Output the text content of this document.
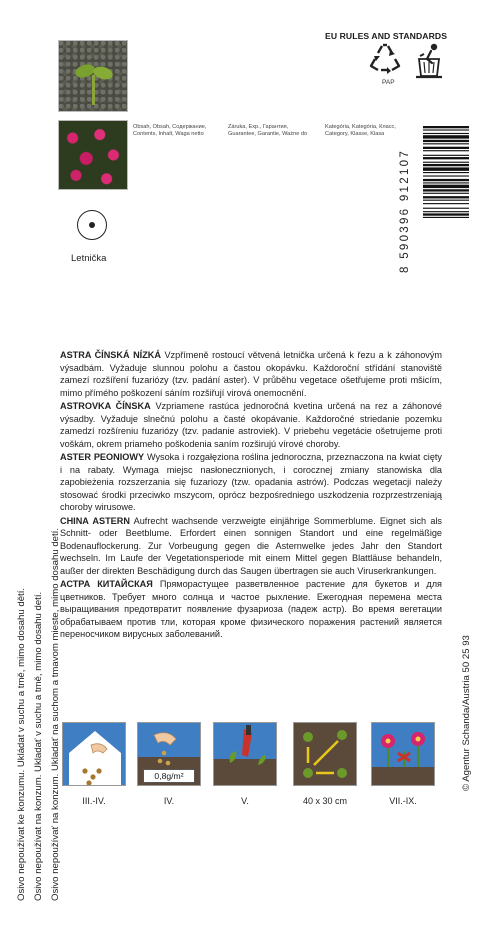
Osivo nepoužívat ke konzumu. Ukládat v suchu a tmě, mimo dosahu dětí. Osivo nepoužívat na konzum. Ukladať v suchu a tmě, mimo dosahu detí. Osivo nepoužívať na konzum. Ukladať na suchom a tmavom mieste, mimo dosahu detí.
Obsah, Obsah, Содержание,
Contents, Inhalt, Waga netto
Záruka, Exp., Гарантия,
Guarantee, Garantie, Ważne do
Kategória, Kategória, Класс,
Category, Klasse, Klasa
EU RULES AND STANDARDS
PAP
8 590396 912107
Letnička

ASTRA ČÍNSKÁ NÍZKÁ Vzpřímeně rostoucí větvená letnička určená k řezu a k záhonovým výsadbám. Vyžaduje slunnou polohu a častou okopávku. Každoroční střídání stanoviště zamezí rozšíření fuzariózy (tzv. padání aster). V průběhu vegetace ošetřujeme proti mšicím, mimo přímého poškození sáním rozšiřují virová onemocnění.

ASTROVKA ČÍNSKA Vzpriamene rastúca jednoročná kvetina určená na rez a záhonové výsadby. Vyžaduje slnečnú polohu a časté okopávanie. Každoročné striedanie pozemku zamedzí rozšíreniu fuzariózy (tzv. padanie astroviek). V priebehu vegetácie ošetrujeme proti voškám, okrem priameho poškodenia saním rozširujú vírové choroby.

ASTER PEONIOWY Wysoka i rozgałęziona roślina jednoroczna, przeznaczona na kwiat cięty i na rabaty. Wymaga miejsc nasłonecznionych, i corocznej zmiany stanowiska dla zapobieżenia rozszerzania się fuzariozy (tzw. opadania astrów). Podczas wegetacji należy stosować środki przeciwko mszycom, oprócz bezpośredniego uszkodzenia rozprzestrzeniają choroby wirusowe.

CHINA ASTERN Aufrecht wachsende verzweigte einjährige Sommerblume. Eignet sich als Schnitt- oder Beetblume. Erfordert einen sonnigen Standort und eine regelmäßige Bodenauflockerung. Zur Vorbeugung gegen die Asternwelke jedes Jahr den Standort wechseln. Im Laufe der Vegetationsperiode mit einem Mittel gegen Blattläuse behandeln, außer der direkten Beschädigung durch das Saugen übertragen sie auch Viruserkrankungen.

АСТРА КИТАЙСКАЯ Пряморастущее разветвленное растение для букетов и для цветников. Требует много солнца и частое рыхление. Ежегодная перемена места выращивания предотвратит появление фузариоза (падеж астр). Во время вегетации обрабатываем против тли, которая кроме физического поражения растений является переносчиком вирусных заболеваний.

© Agentur Schanda/Austria 50 25 93
0,8g/m²
III.-IV.	IV.	V.	40 x 30 cm	VII.-IX.
